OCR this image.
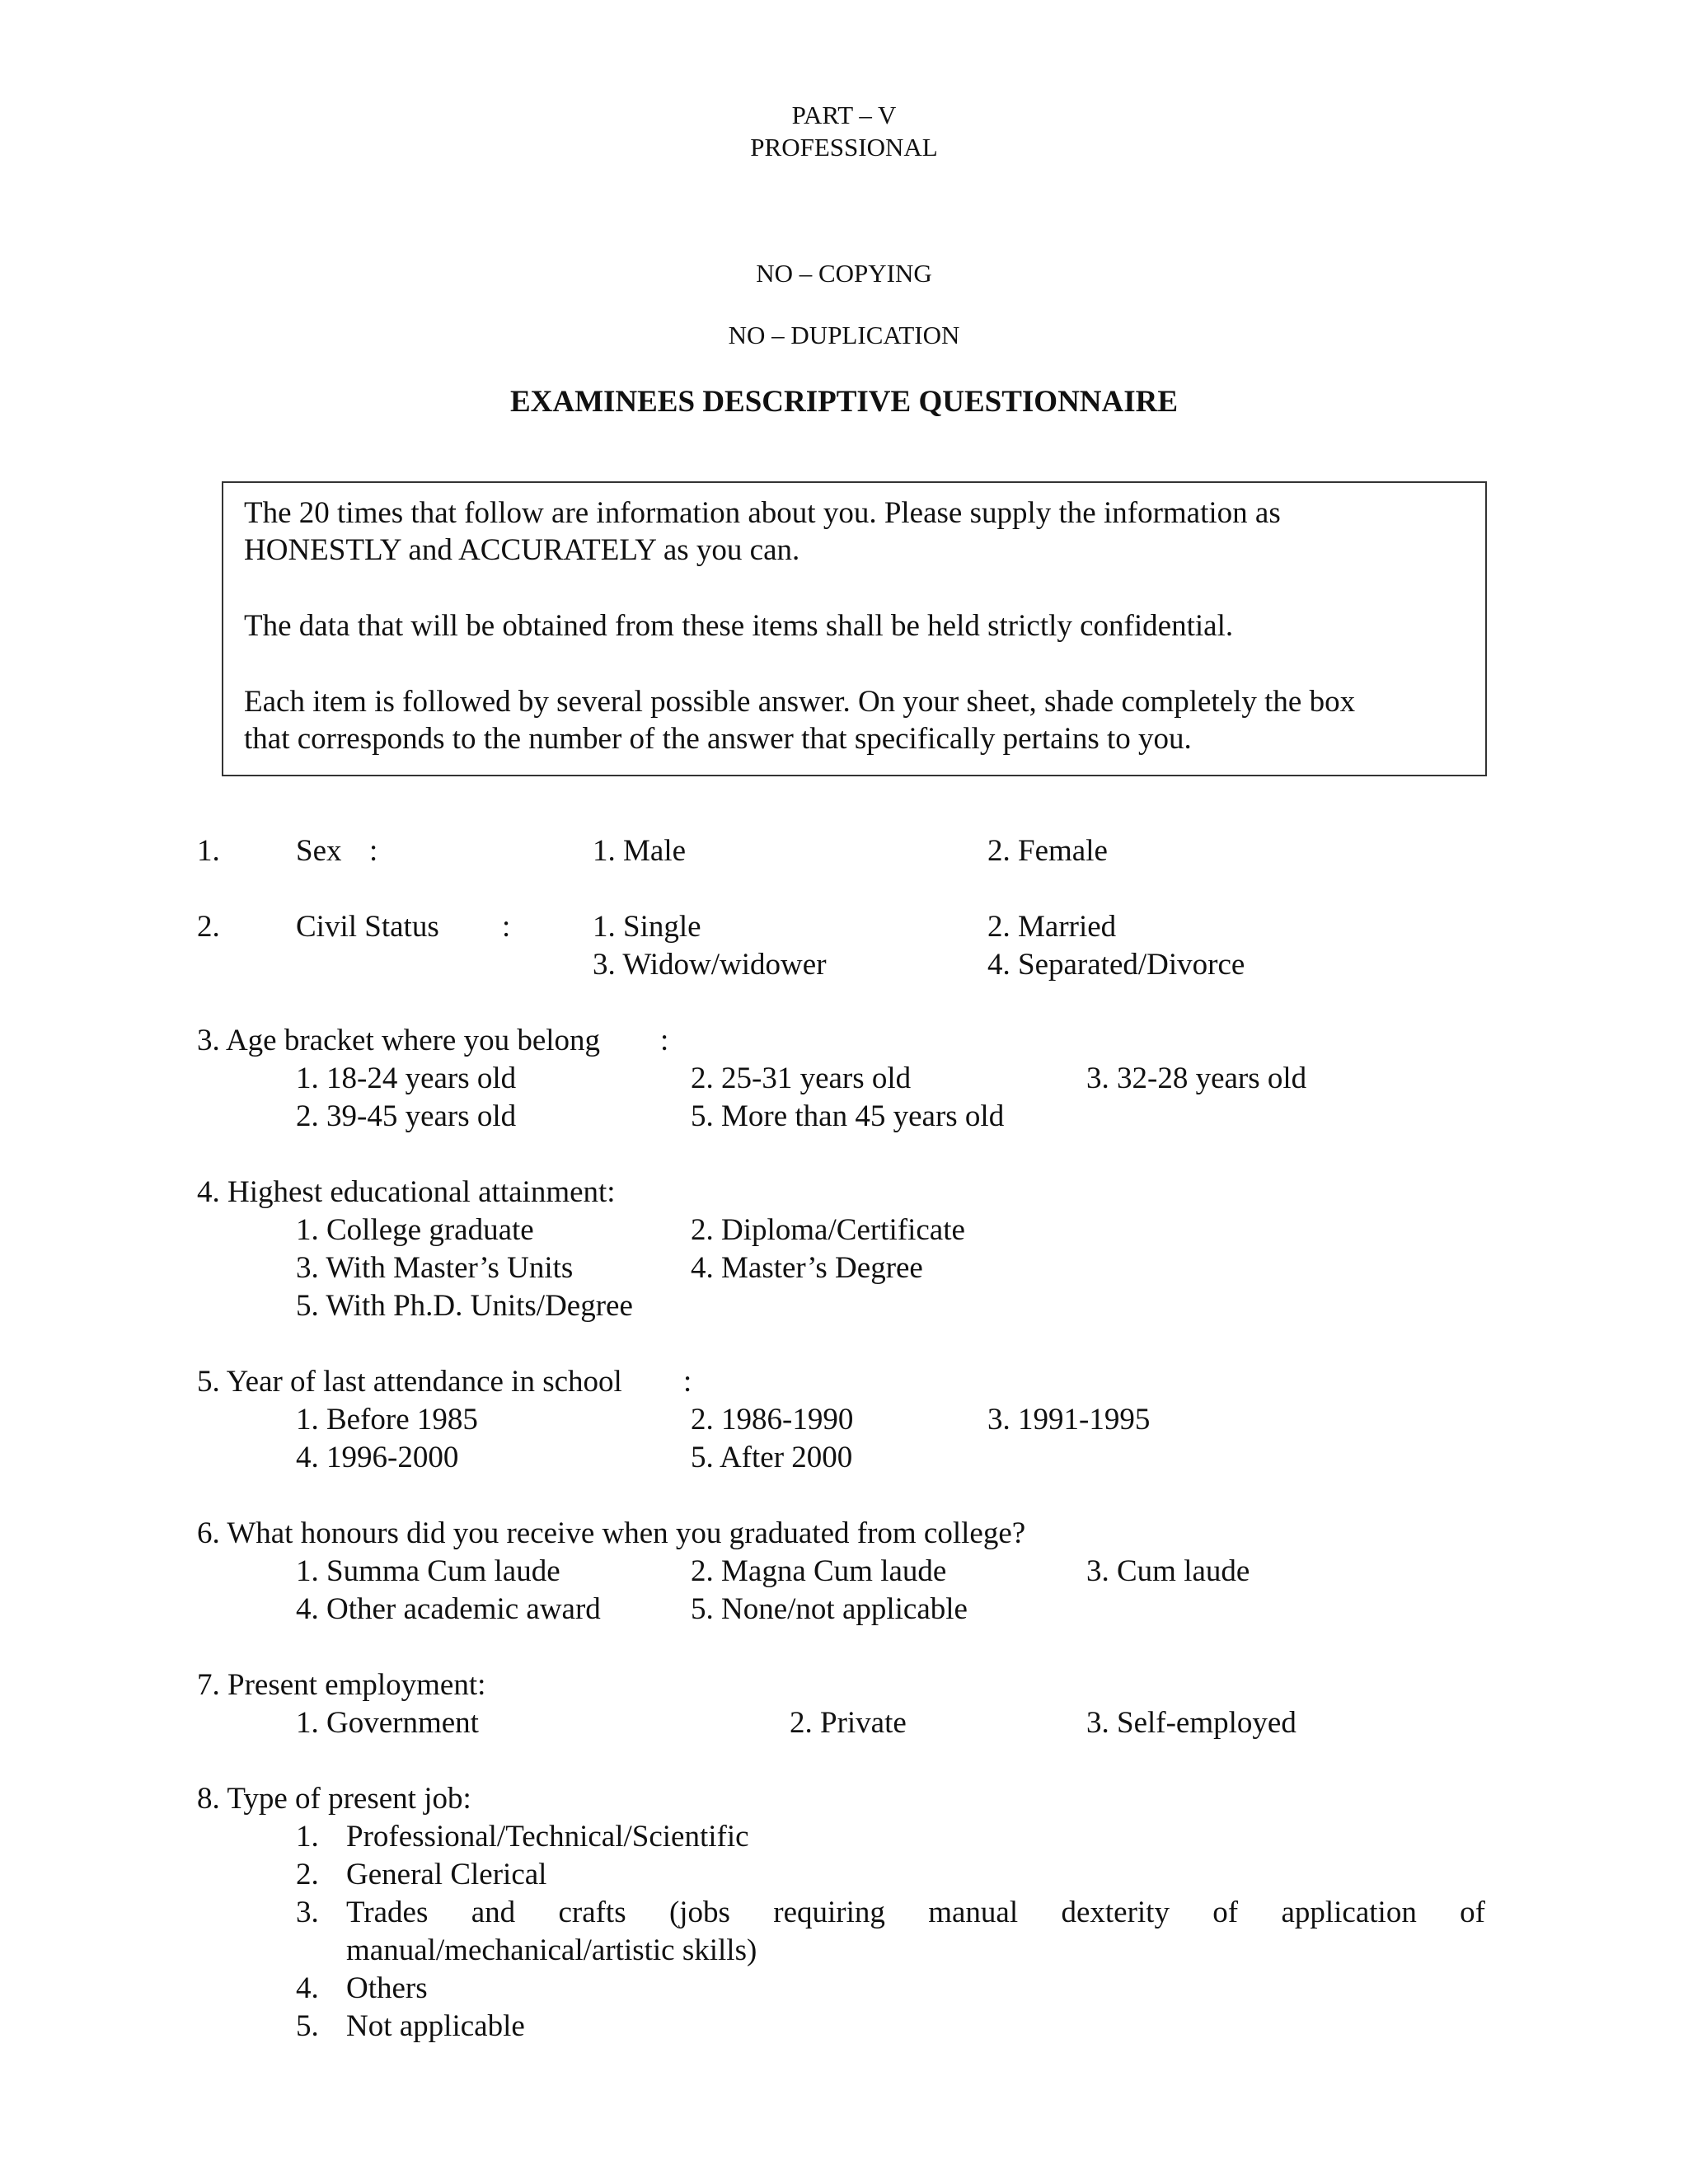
PART – V
PROFESSIONAL
NO – COPYING
NO – DUPLICATION
EXAMINEES DESCRIPTIVE QUESTIONNAIRE
The 20 times that follow are information about you. Please supply the information as
HONESTLY and ACCURATELY as you can.
The data that will be obtained from these items shall be held strictly confidential.
Each item is followed by several possible answer. On your sheet, shade completely the box
that corresponds to the number of the answer that specifically pertains to you.
1. Sex :	1. Male	2. Female
2. Civil Status :	1. Single	2. Married
3. Widow/widower	4. Separated/Divorce
3. Age bracket where you belong :
1. 18-24 years old	2. 25-31 years old	3. 32-28 years old
2. 39-45 years old	5. More than 45 years old
4. Highest educational attainment:
1. College graduate	2. Diploma/Certificate
3. With Master’s Units	4. Master’s Degree
5. With Ph.D. Units/Degree
5. Year of last attendance in school :
1. Before 1985	2. 1986-1990	3. 1991-1995
4. 1996-2000	5. After 2000
6. What honours did you receive when you graduated from college?
1. Summa Cum laude	2. Magna Cum laude	3. Cum laude
4. Other academic award	5. None/not applicable
7. Present employment:
1. Government	2. Private	3. Self-employed
8. Type of present job:
1. Professional/Technical/Scientific
2. General Clerical
3. Trades and crafts (jobs requiring manual dexterity of application of
manual/mechanical/artistic skills)
4. Others
5. Not applicable
